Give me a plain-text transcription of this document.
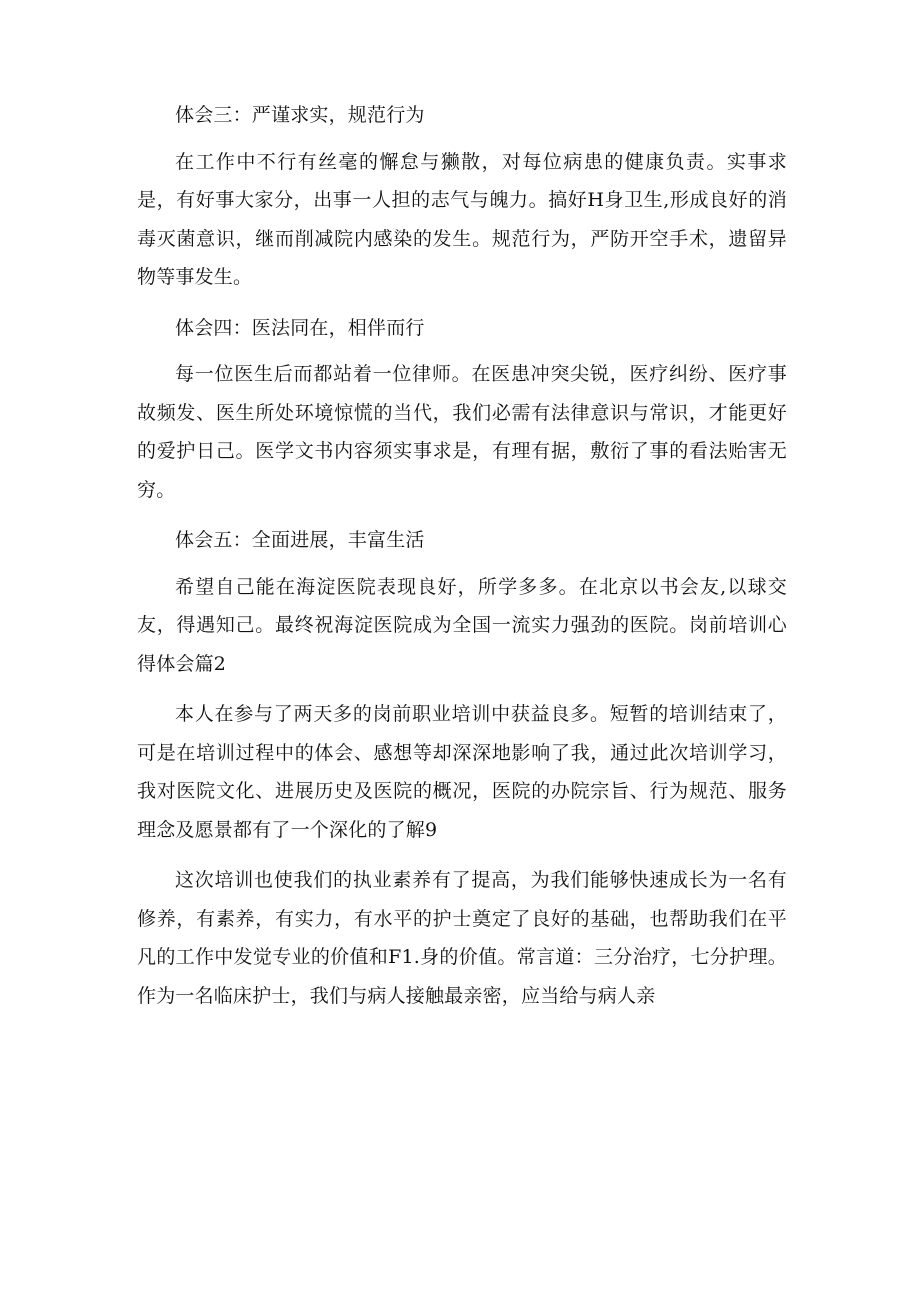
体会三：严谨求实，规范行为

在工作中不行有丝毫的懈怠与獭散，对每位病患的健康负责。实事求是，有好事大家分，出事一人担的志气与魄力。搞好H身卫生,形成良好的消毒灭菌意识，继而削减院内感染的发生。规范行为，严防开空手术，遗留异物等事发生。

体会四：医法同在，相伴而行

每一位医生后而都站着一位律师。在医患冲突尖锐，医疗纠纷、医疗事故频发、医生所处环境惊慌的当代，我们必需有法律意识与常识，才能更好的爱护日己。医学文书内容须实事求是，有理有据，敷衍了事的看法贻害无穷。

体会五：全面进展，丰富生活

希望自己能在海淀医院表现良好，所学多多。在北京以书会友,以球交友，得遇知己。最终祝海淀医院成为全国一流实力强劲的医院。岗前培训心得体会篇2

本人在参与了两天多的岗前职业培训中获益良多。短暂的培训结束了，可是在培训过程中的体会、感想等却深深地影响了我，通过此次培训学习，我对医院文化、进展历史及医院的概况，医院的办院宗旨、行为规范、服务理念及愿景都有了一个深化的了解9

这次培训也使我们的执业素养有了提高，为我们能够快速成长为一名有修养，有素养，有实力，有水平的护士奠定了良好的基础，也帮助我们在平凡的工作中发觉专业的价值和F1.身的价值。常言道：三分治疗，七分护理。作为一名临床护士，我们与病人接触最亲密，应当给与病人亲
